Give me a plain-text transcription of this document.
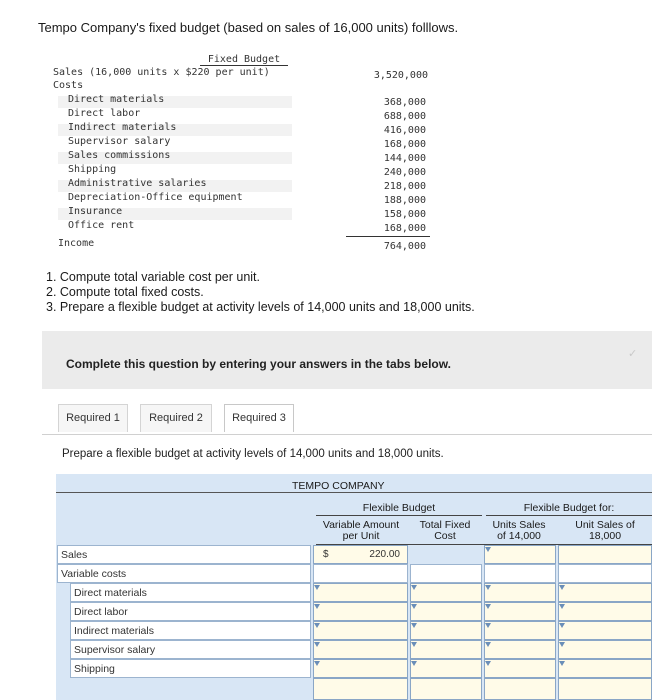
Tempo Company's fixed budget (based on sales of 16,000 units) folllows.
Fixed Budget
Sales (16,000 units x $220 per unit)	3,520,000
Costs
Direct materials	368,000
Direct labor	688,000
Indirect materials	416,000
Supervisor salary	168,000
Sales commissions	144,000
Shipping	240,000
Administrative salaries	218,000
Depreciation-Office equipment	188,000
Insurance	158,000
Office rent	168,000
Income	764,000
1. Compute total variable cost per unit.
2. Compute total fixed costs.
3. Prepare a flexible budget at activity levels of 14,000 units and 18,000 units.
Complete this question by entering your answers in the tabs below.
✓
Required 1	Required 2	Required 3
Prepare a flexible budget at activity levels of 14,000 units and 18,000 units.
TEMPO COMPANY
Flexible Budget	Flexible Budget for:
Variable Amount
per Unit
Total Fixed
Cost
Units Sales
of 14,000
Unit Sales of
18,000
Sales	$	220.00
Variable costs
Direct materials
Direct labor
Indirect materials
Supervisor salary
Shipping
